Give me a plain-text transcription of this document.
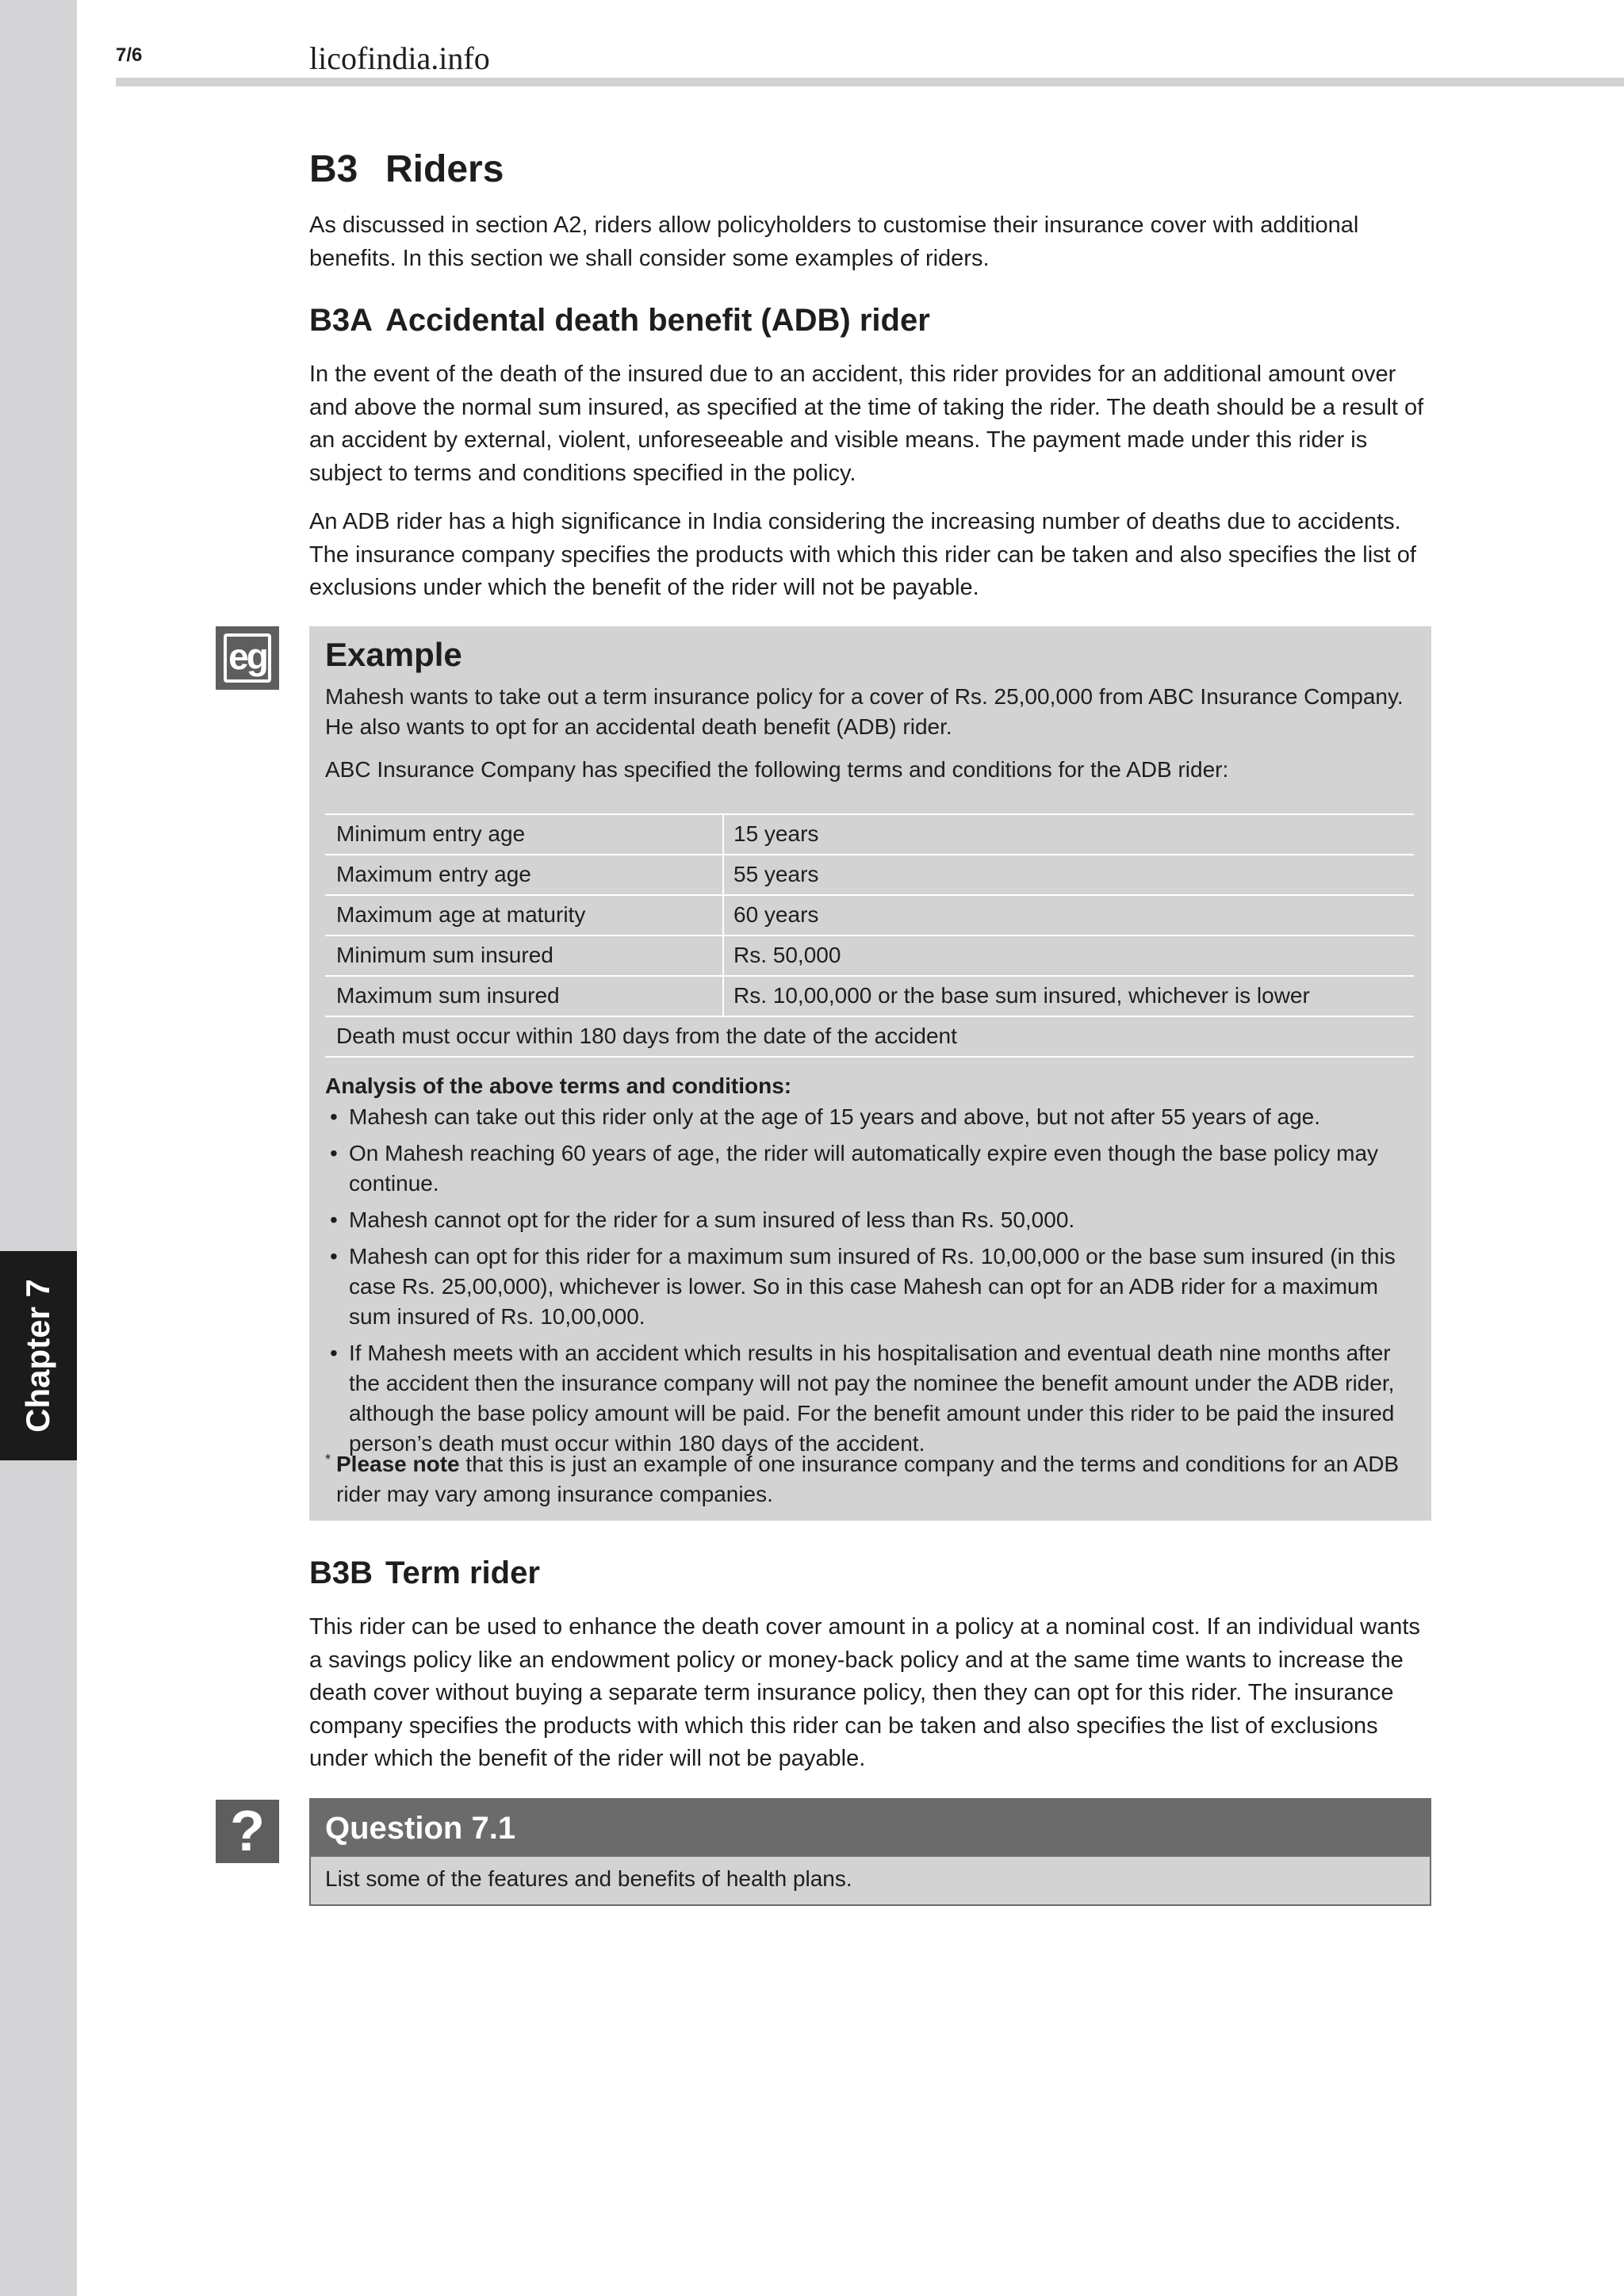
Chapter 7
7/6	licofindia.info
B3 Riders

As discussed in section A2, riders allow policyholders to customise their insurance cover with additional benefits. In this section we shall consider some examples of riders.

B3A Accidental death benefit (ADB) rider

In the event of the death of the insured due to an accident, this rider provides for an additional amount over and above the normal sum insured, as specified at the time of taking the rider. The death should be a result of an accident by external, violent, unforeseeable and visible means. The payment made under this rider is subject to terms and conditions specified in the policy.

An ADB rider has a high significance in India considering the increasing number of deaths due to accidents. The insurance company specifies the products with which this rider can be taken and also specifies the list of exclusions under which the benefit of the rider will not be payable.

eg Example

Mahesh wants to take out a term insurance policy for a cover of Rs. 25,00,000 from ABC Insurance Company. He also wants to opt for an accidental death benefit (ADB) rider.

ABC Insurance Company has specified the following terms and conditions for the ADB rider:

Minimum entry age	15 years
Maximum entry age	55 years
Maximum age at maturity	60 years
Minimum sum insured	Rs. 50,000
Maximum sum insured	Rs. 10,00,000 or the base sum insured, whichever is lower
Death must occur within 180 days from the date of the accident
Analysis of the above terms and conditions:
• Mahesh can take out this rider only at the age of 15 years and above, but not after 55 years of age.
• On Mahesh reaching 60 years of age, the rider will automatically expire even though the base policy may continue.
• Mahesh cannot opt for the rider for a sum insured of less than Rs. 50,000.
• Mahesh can opt for this rider for a maximum sum insured of Rs. 10,00,000 or the base sum insured (in this case Rs. 25,00,000), whichever is lower. So in this case Mahesh can opt for an ADB rider for a maximum sum insured of Rs. 10,00,000.
• If Mahesh meets with an accident which results in his hospitalisation and eventual death nine months after the accident then the insurance company will not pay the nominee the benefit amount under the ADB rider, although the base policy amount will be paid. For the benefit amount under this rider to be paid the insured person’s death must occur within 180 days of the accident.
* Please note that this is just an example of one insurance company and the terms and conditions for an ADB rider may vary among insurance companies.
B3B Term rider

This rider can be used to enhance the death cover amount in a policy at a nominal cost. If an individual wants a savings policy like an endowment policy or money-back policy and at the same time wants to increase the death cover without buying a separate term insurance policy, then they can opt for this rider. The insurance company specifies the products with which this rider can be taken and also specifies the list of exclusions under which the benefit of the rider will not be payable.

?	Question 7.1
List some of the features and benefits of health plans.
